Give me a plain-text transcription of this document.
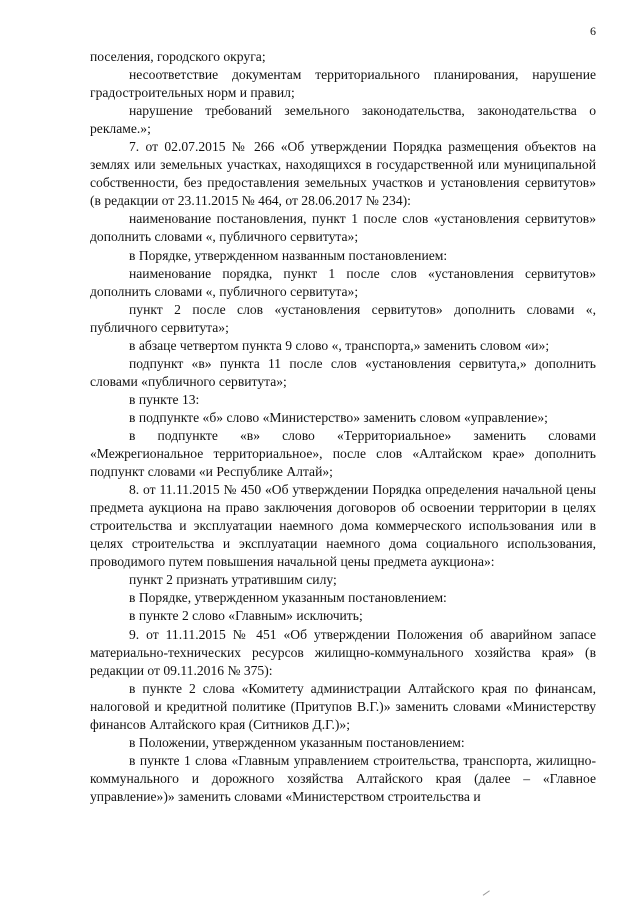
6

поселения, городского округа;

несоответствие документам территориального планирования, нарушение градостроительных норм и правил;

нарушение требований земельного законодательства, законодательства о рекламе.»;

7. от 02.07.2015 № 266 «Об утверждении Порядка размещения объектов на землях или земельных участках, находящихся в государственной или муниципальной собственности, без предоставления земельных участков и установления сервитутов» (в редакции от 23.11.2015 № 464, от 28.06.2017 № 234):

наименование постановления, пункт 1 после слов «установления сервитутов» дополнить словами «, публичного сервитута»;

в Порядке, утвержденном названным постановлением:

наименование порядка, пункт 1 после слов «установления сервитутов» дополнить словами «, публичного сервитута»;

пункт 2 после слов «установления сервитутов» дополнить словами «, публичного сервитута»;

в абзаце четвертом пункта 9 слово «, транспорта,» заменить словом «и»;

подпункт «в» пункта 11 после слов «установления сервитута,» дополнить словами «публичного сервитута»;

в пункте 13:

в подпункте «б» слово «Министерство» заменить словом «управление»;

в подпункте «в» слово «Территориальное» заменить словами «Межрегиональное территориальное», после слов «Алтайском крае» дополнить подпункт словами «и Республике Алтай»;

8. от 11.11.2015 № 450 «Об утверждении Порядка определения начальной цены предмета аукциона на право заключения договоров об освоении территории в целях строительства и эксплуатации наемного дома коммерческого использования или в целях строительства и эксплуатации наемного дома социального использования, проводимого путем повышения начальной цены предмета аукциона»:

пункт 2 признать утратившим силу;

в Порядке, утвержденном указанным постановлением:

в пункте 2 слово «Главным» исключить;

9. от 11.11.2015 № 451 «Об утверждении Положения об аварийном запасе материально-технических ресурсов жилищно-коммунального хозяйства края» (в редакции от 09.11.2016 № 375):

в пункте 2 слова «Комитету администрации Алтайского края по финансам, налоговой и кредитной политике (Притупов В.Г.)» заменить словами «Министерству финансов Алтайского края (Ситников Д.Г.)»;

в Положении, утвержденном указанным постановлением:

в пункте 1 слова «Главным управлением строительства, транспорта, жилищно-коммунального и дорожного хозяйства Алтайского края (далее – «Главное управление»)» заменить словами «Министерством строительства и
